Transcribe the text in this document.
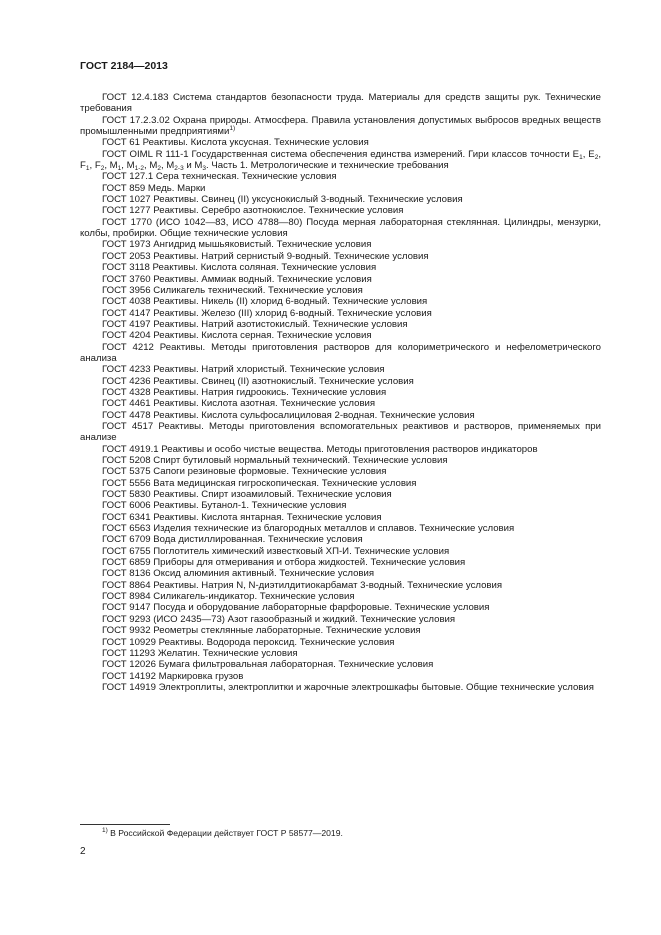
ГОСТ 2184—2013

ГОСТ 12.4.183 Система стандартов безопасности труда. Материалы для средств защиты рук. Технические требования

ГОСТ 17.2.3.02 Охрана природы. Атмосфера. Правила установления допустимых выбросов вредных веществ промышленными предприятиями$^{1)}$

ГОСТ 61 Реактивы. Кислота уксусная. Технические условия

ГОСТ OIML R 111-1 Государственная система обеспечения единства измерений. Гири классов точности $E_1$, $E_2$, $F_1$, $F_2$, $M_1$, $M_{1-2}$, $M_2$, $M_{2-3}$ и $M_3$. Часть 1. Метрологические и технические требования

ГОСТ 127.1 Сера техническая. Технические условия

ГОСТ 859 Медь. Марки

ГОСТ 1027 Реактивы. Свинец (II) уксуснокислый 3-водный. Технические условия

ГОСТ 1277 Реактивы. Серебро азотнокислое. Технические условия

ГОСТ 1770 (ИСО 1042—83, ИСО 4788—80) Посуда мерная лабораторная стеклянная. Цилиндры, мензурки, колбы, пробирки. Общие технические условия

ГОСТ 1973 Ангидрид мышьяковистый. Технические условия

ГОСТ 2053 Реактивы. Натрий сернистый 9-водный. Технические условия

ГОСТ 3118 Реактивы. Кислота соляная. Технические условия

ГОСТ 3760 Реактивы. Аммиак водный. Технические условия

ГОСТ 3956 Силикагель технический. Технические условия

ГОСТ 4038 Реактивы. Никель (II) хлорид 6-водный. Технические условия

ГОСТ 4147 Реактивы. Железо (III) хлорид 6-водный. Технические условия

ГОСТ 4197 Реактивы. Натрий азотистокислый. Технические условия

ГОСТ 4204 Реактивы. Кислота серная. Технические условия

ГОСТ 4212 Реактивы. Методы приготовления растворов для колориметрического и нефелометрического анализа

ГОСТ 4233 Реактивы. Натрий хлористый. Технические условия

ГОСТ 4236 Реактивы. Свинец (II) азотнокислый. Технические условия

ГОСТ 4328 Реактивы. Натрия гидроокись. Технические условия

ГОСТ 4461 Реактивы. Кислота азотная. Технические условия

ГОСТ 4478 Реактивы. Кислота сульфосалициловая 2-водная. Технические условия

ГОСТ 4517 Реактивы. Методы приготовления вспомогательных реактивов и растворов, применяемых при анализе

ГОСТ 4919.1 Реактивы и особо чистые вещества. Методы приготовления растворов индикаторов

ГОСТ 5208 Спирт бутиловый нормальный технический. Технические условия

ГОСТ 5375 Сапоги резиновые формовые. Технические условия

ГОСТ 5556 Вата медицинская гигроскопическая. Технические условия

ГОСТ 5830 Реактивы. Спирт изоамиловый. Технические условия

ГОСТ 6006 Реактивы. Бутанол-1. Технические условия

ГОСТ 6341 Реактивы. Кислота янтарная. Технические условия

ГОСТ 6563 Изделия технические из благородных металлов и сплавов. Технические условия

ГОСТ 6709 Вода дистиллированная. Технические условия

ГОСТ 6755 Поглотитель химический известковый ХП-И. Технические условия

ГОСТ 6859 Приборы для отмеривания и отбора жидкостей. Технические условия

ГОСТ 8136 Оксид алюминия активный. Технические условия

ГОСТ 8864 Реактивы. Натрия N, N-диэтилдитиокарбамат 3-водный. Технические условия

ГОСТ 8984 Силикагель-индикатор. Технические условия

ГОСТ 9147 Посуда и оборудование лабораторные фарфоровые. Технические условия

ГОСТ 9293 (ИСО 2435—73) Азот газообразный и жидкий. Технические условия

ГОСТ 9932 Реометры стеклянные лабораторные. Технические условия

ГОСТ 10929 Реактивы. Водорода пероксид. Технические условия

ГОСТ 11293 Желатин. Технические условия

ГОСТ 12026 Бумага фильтровальная лабораторная. Технические условия

ГОСТ 14192 Маркировка грузов

ГОСТ 14919 Электроплиты, электроплитки и жарочные электрошкафы бытовые. Общие технические условия

$^{1)}$ В Российской Федерации действует ГОСТ Р 58577—2019.
2
